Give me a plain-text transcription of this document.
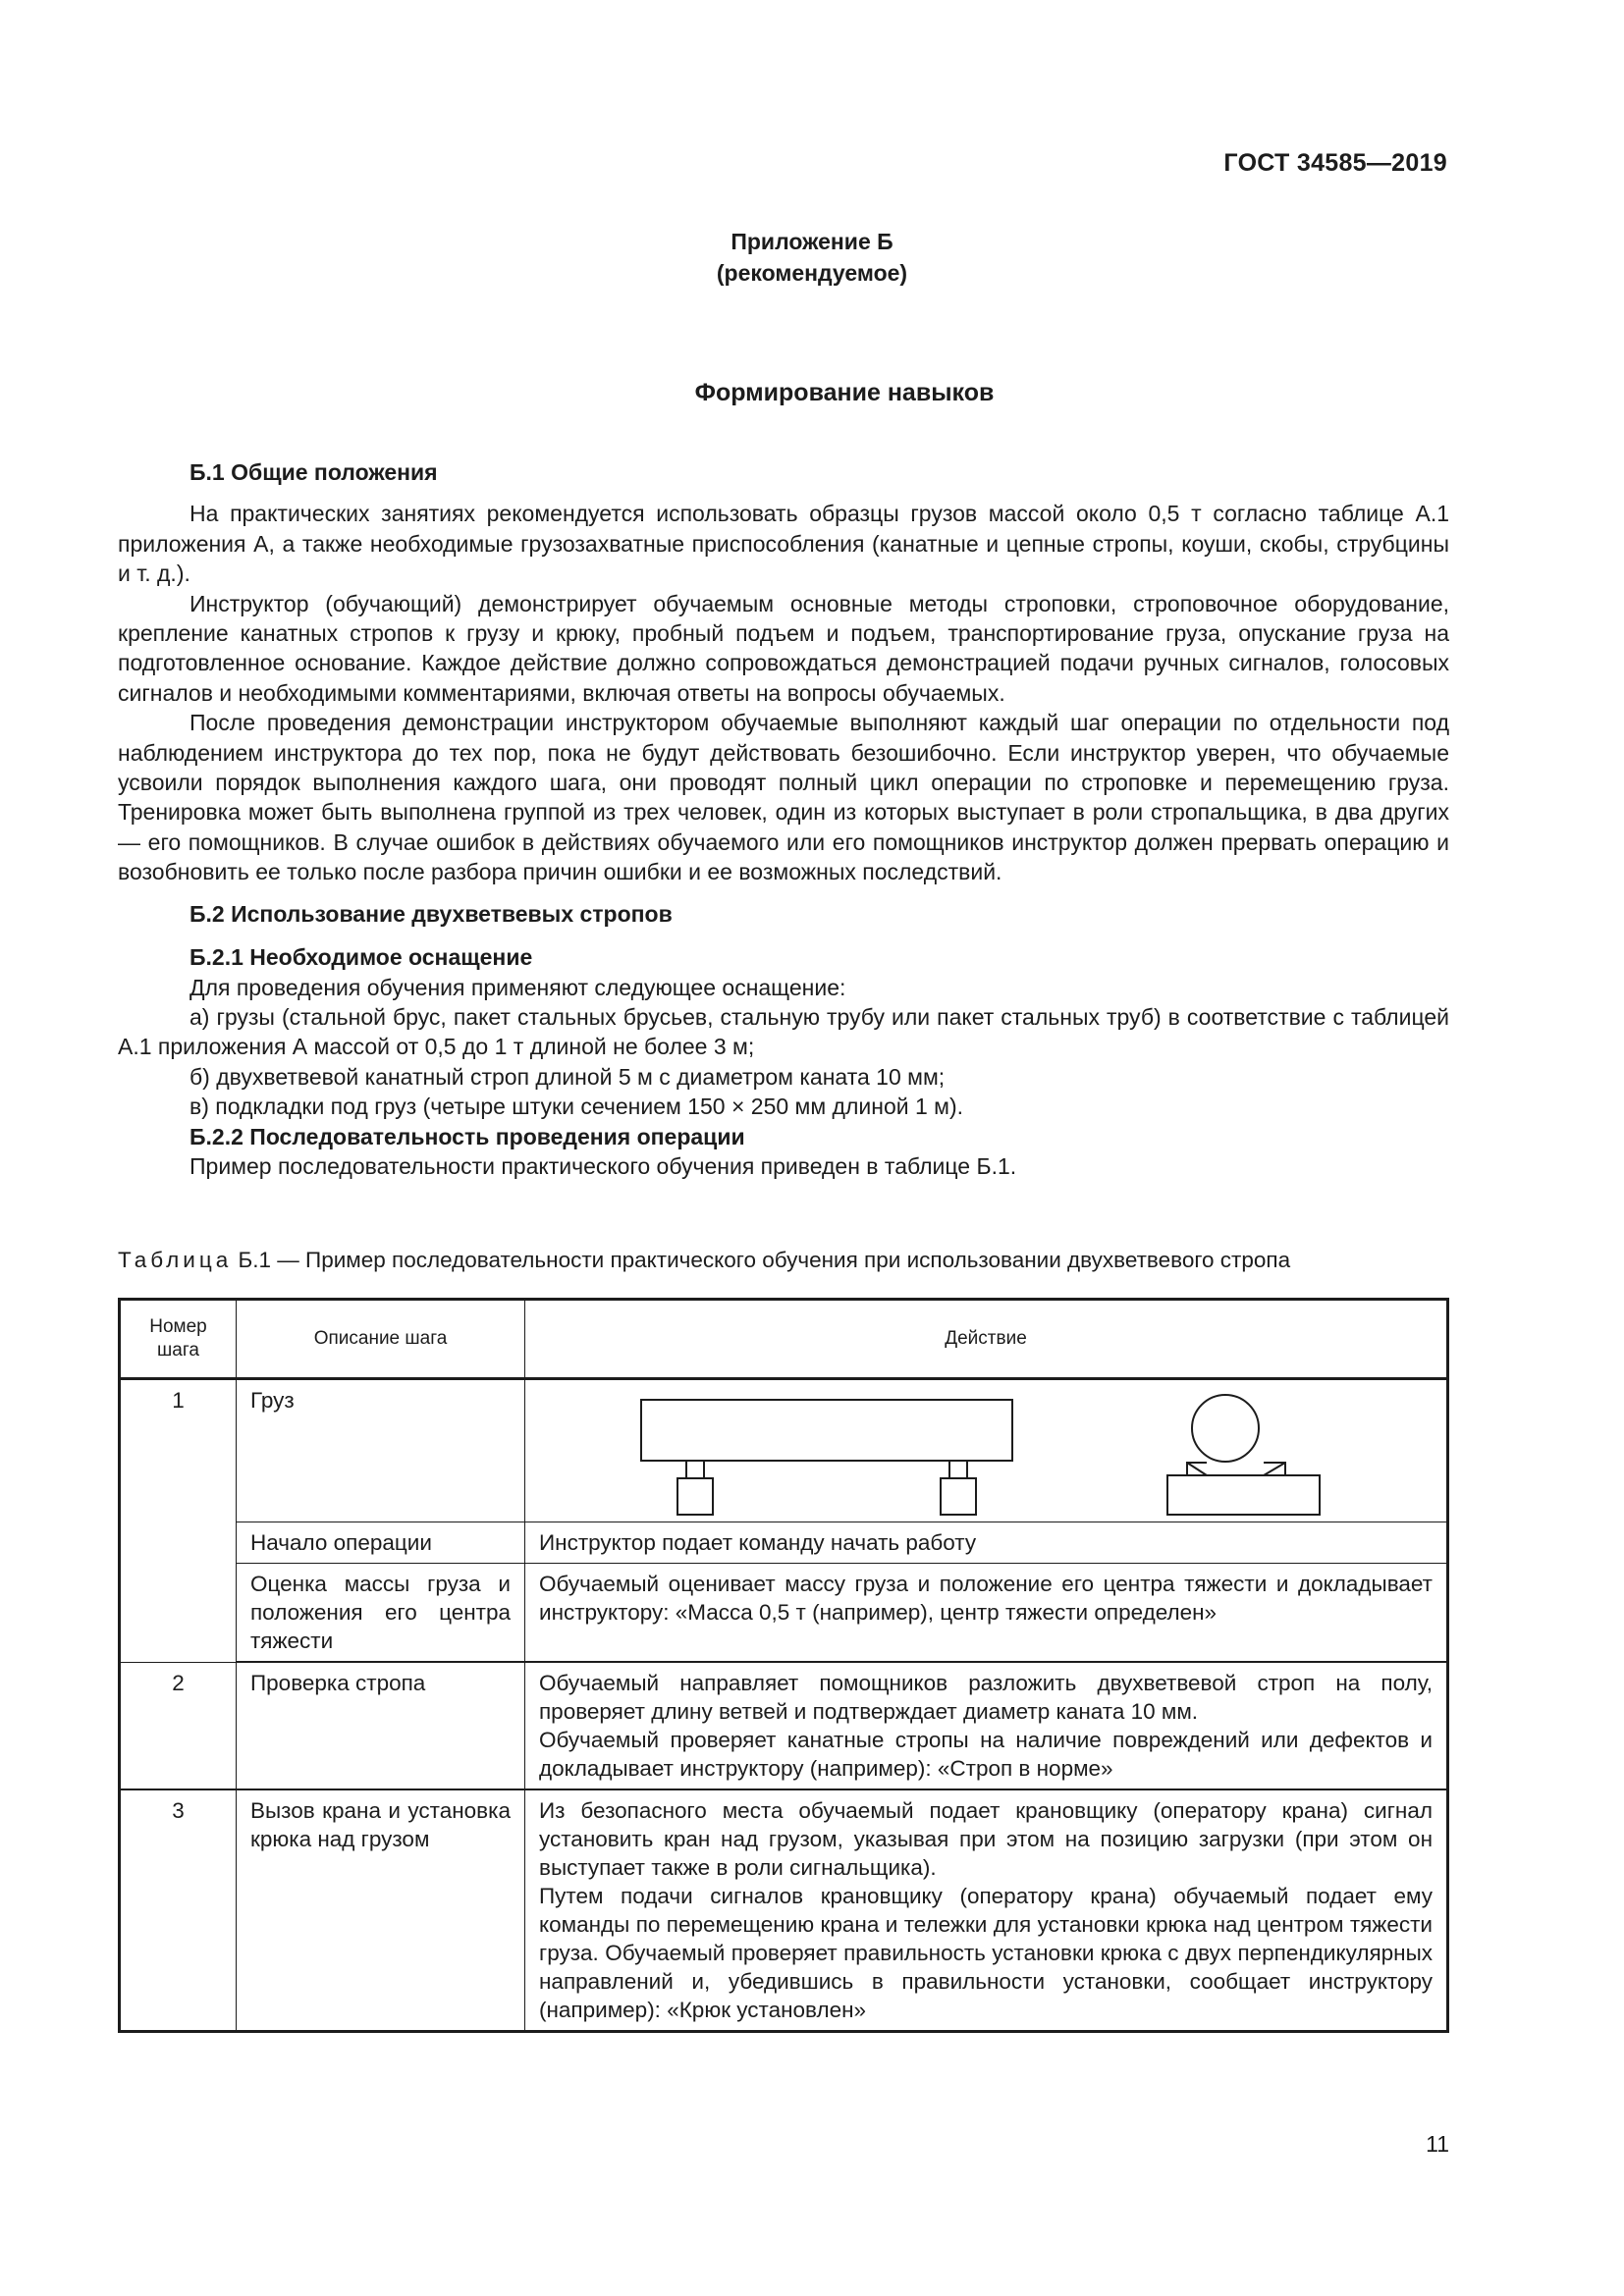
ГОСТ 34585—2019
Приложение Б
(рекомендуемое)
Формирование навыков

Б.1 Общие положения

На практических занятиях рекомендуется использовать образцы грузов массой около 0,5 т согласно таблице А.1 приложения А, а также необходимые грузозахватные приспособления (канатные и цепные стропы, коуши, скобы, струбцины и т. д.).

Инструктор (обучающий) демонстрирует обучаемым основные методы строповки, строповочное оборудование, крепление канатных стропов к грузу и крюку, пробный подъем и подъем, транспортирование груза, опускание груза на подготовленное основание. Каждое действие должно сопровождаться демонстрацией подачи ручных сигналов, голосовых сигналов и необходимыми комментариями, включая ответы на вопросы обучаемых.

После проведения демонстрации инструктором обучаемые выполняют каждый шаг операции по отдельности под наблюдением инструктора до тех пор, пока не будут действовать безошибочно. Если инструктор уверен, что обучаемые усвоили порядок выполнения каждого шага, они проводят полный цикл операции по строповке и перемещению груза. Тренировка может быть выполнена группой из трех человек, один из которых выступает в роли стропальщика, в два других — его помощников. В случае ошибок в действиях обучаемого или его помощников инструктор должен прервать операцию и возобновить ее только после разбора причин ошибки и ее возможных последствий.

Б.2 Использование двухветвевых стропов

Б.2.1 Необходимое оснащение

Для проведения обучения применяют следующее оснащение:

а) грузы (стальной брус, пакет стальных брусьев, стальную трубу или пакет стальных труб) в соответствие с таблицей А.1 приложения А массой от 0,5 до 1 т длиной не более 3 м;

б) двухветвевой канатный строп длиной 5 м с диаметром каната 10 мм;

в) подкладки под груз (четыре штуки сечением 150 × 250 мм длиной 1 м).

Б.2.2 Последовательность проведения операции

Пример последовательности практического обучения приведен в таблице Б.1.

Таблица Б.1 — Пример последовательности практического обучения при использовании двухветвевого стропа
Номер шага	Описание шага	Действие
1	Груз	

	Начало операции	Инструктор подает команду начать работу
	Оценка массы груза и положения его центра тяжести	Обучаемый оценивает массу груза и положение его центра тяжести и докладывает инструктору: «Масса 0,5 т (например), центр тяжести определен»

2	Проверка стропа	Обучаемый направляет помощников разложить двухветвевой строп на полу, проверяет длину ветвей и подтверждает диаметр каната 10 мм.

Обучаемый проверяет канатные стропы на наличие повреждений или дефектов и докладывает инструктору (например): «Строп в норме»

3	Вызов крана и установка крюка над грузом	Из безопасного места обучаемый подает крановщику (оператору крана) сигнал установить кран над грузом, указывая при этом на позицию загрузки (при этом он выступает также в роли сигнальщика).

Путем подачи сигналов крановщику (оператору крана) обучаемый подает ему команды по перемещению крана и тележки для установки крюка над центром тяжести груза. Обучаемый проверяет правильность установки крюка с двух перпендикулярных направлений и, убедившись в правильности установки, сообщает инструктору (например): «Крюк установлен»

11
